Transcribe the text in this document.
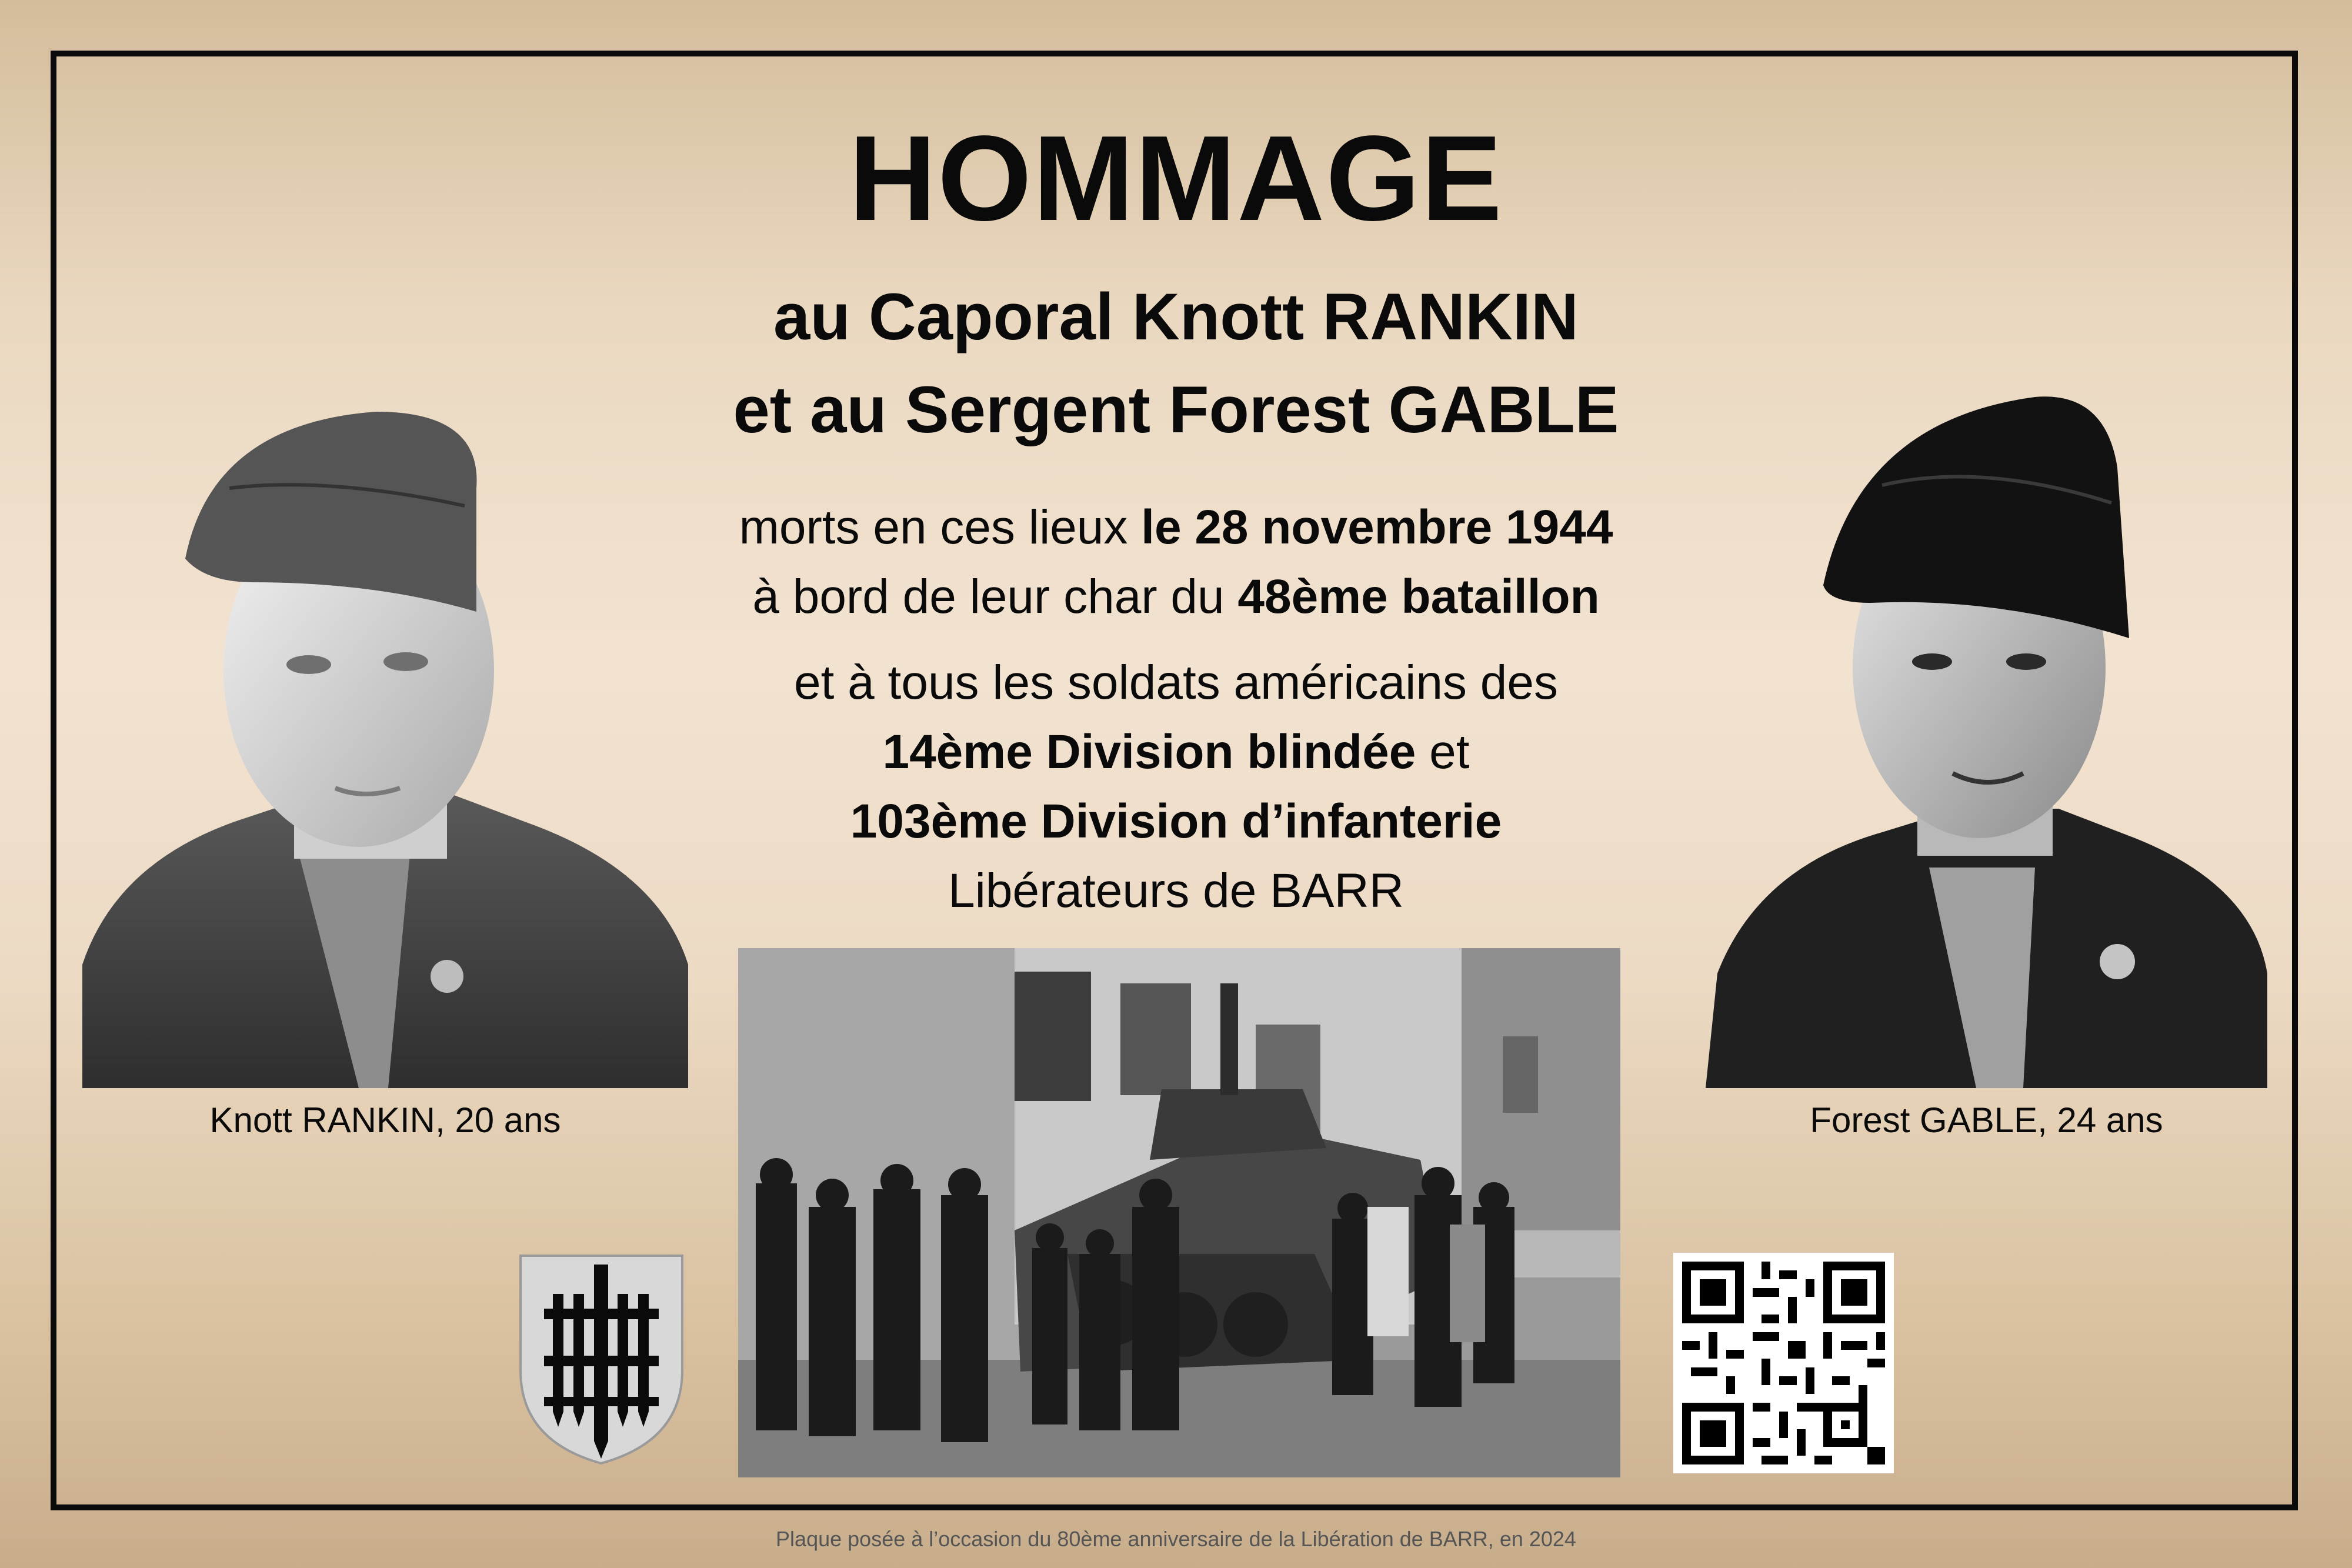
HOMMAGE
au Caporal Knott RANKIN
et au Sergent Forest GABLE
morts en ces lieux le 28 novembre 1944
à bord de leur char du 48ème bataillon
et à tous les soldats américains des
14ème Division blindée et
103ème Division d’infanterie
Libérateurs de BARR
Knott RANKIN, 20 ans	Forest GABLE, 24 ans
Plaque posée à l’occasion du 80ème anniversaire de la Libération de BARR, en 2024
